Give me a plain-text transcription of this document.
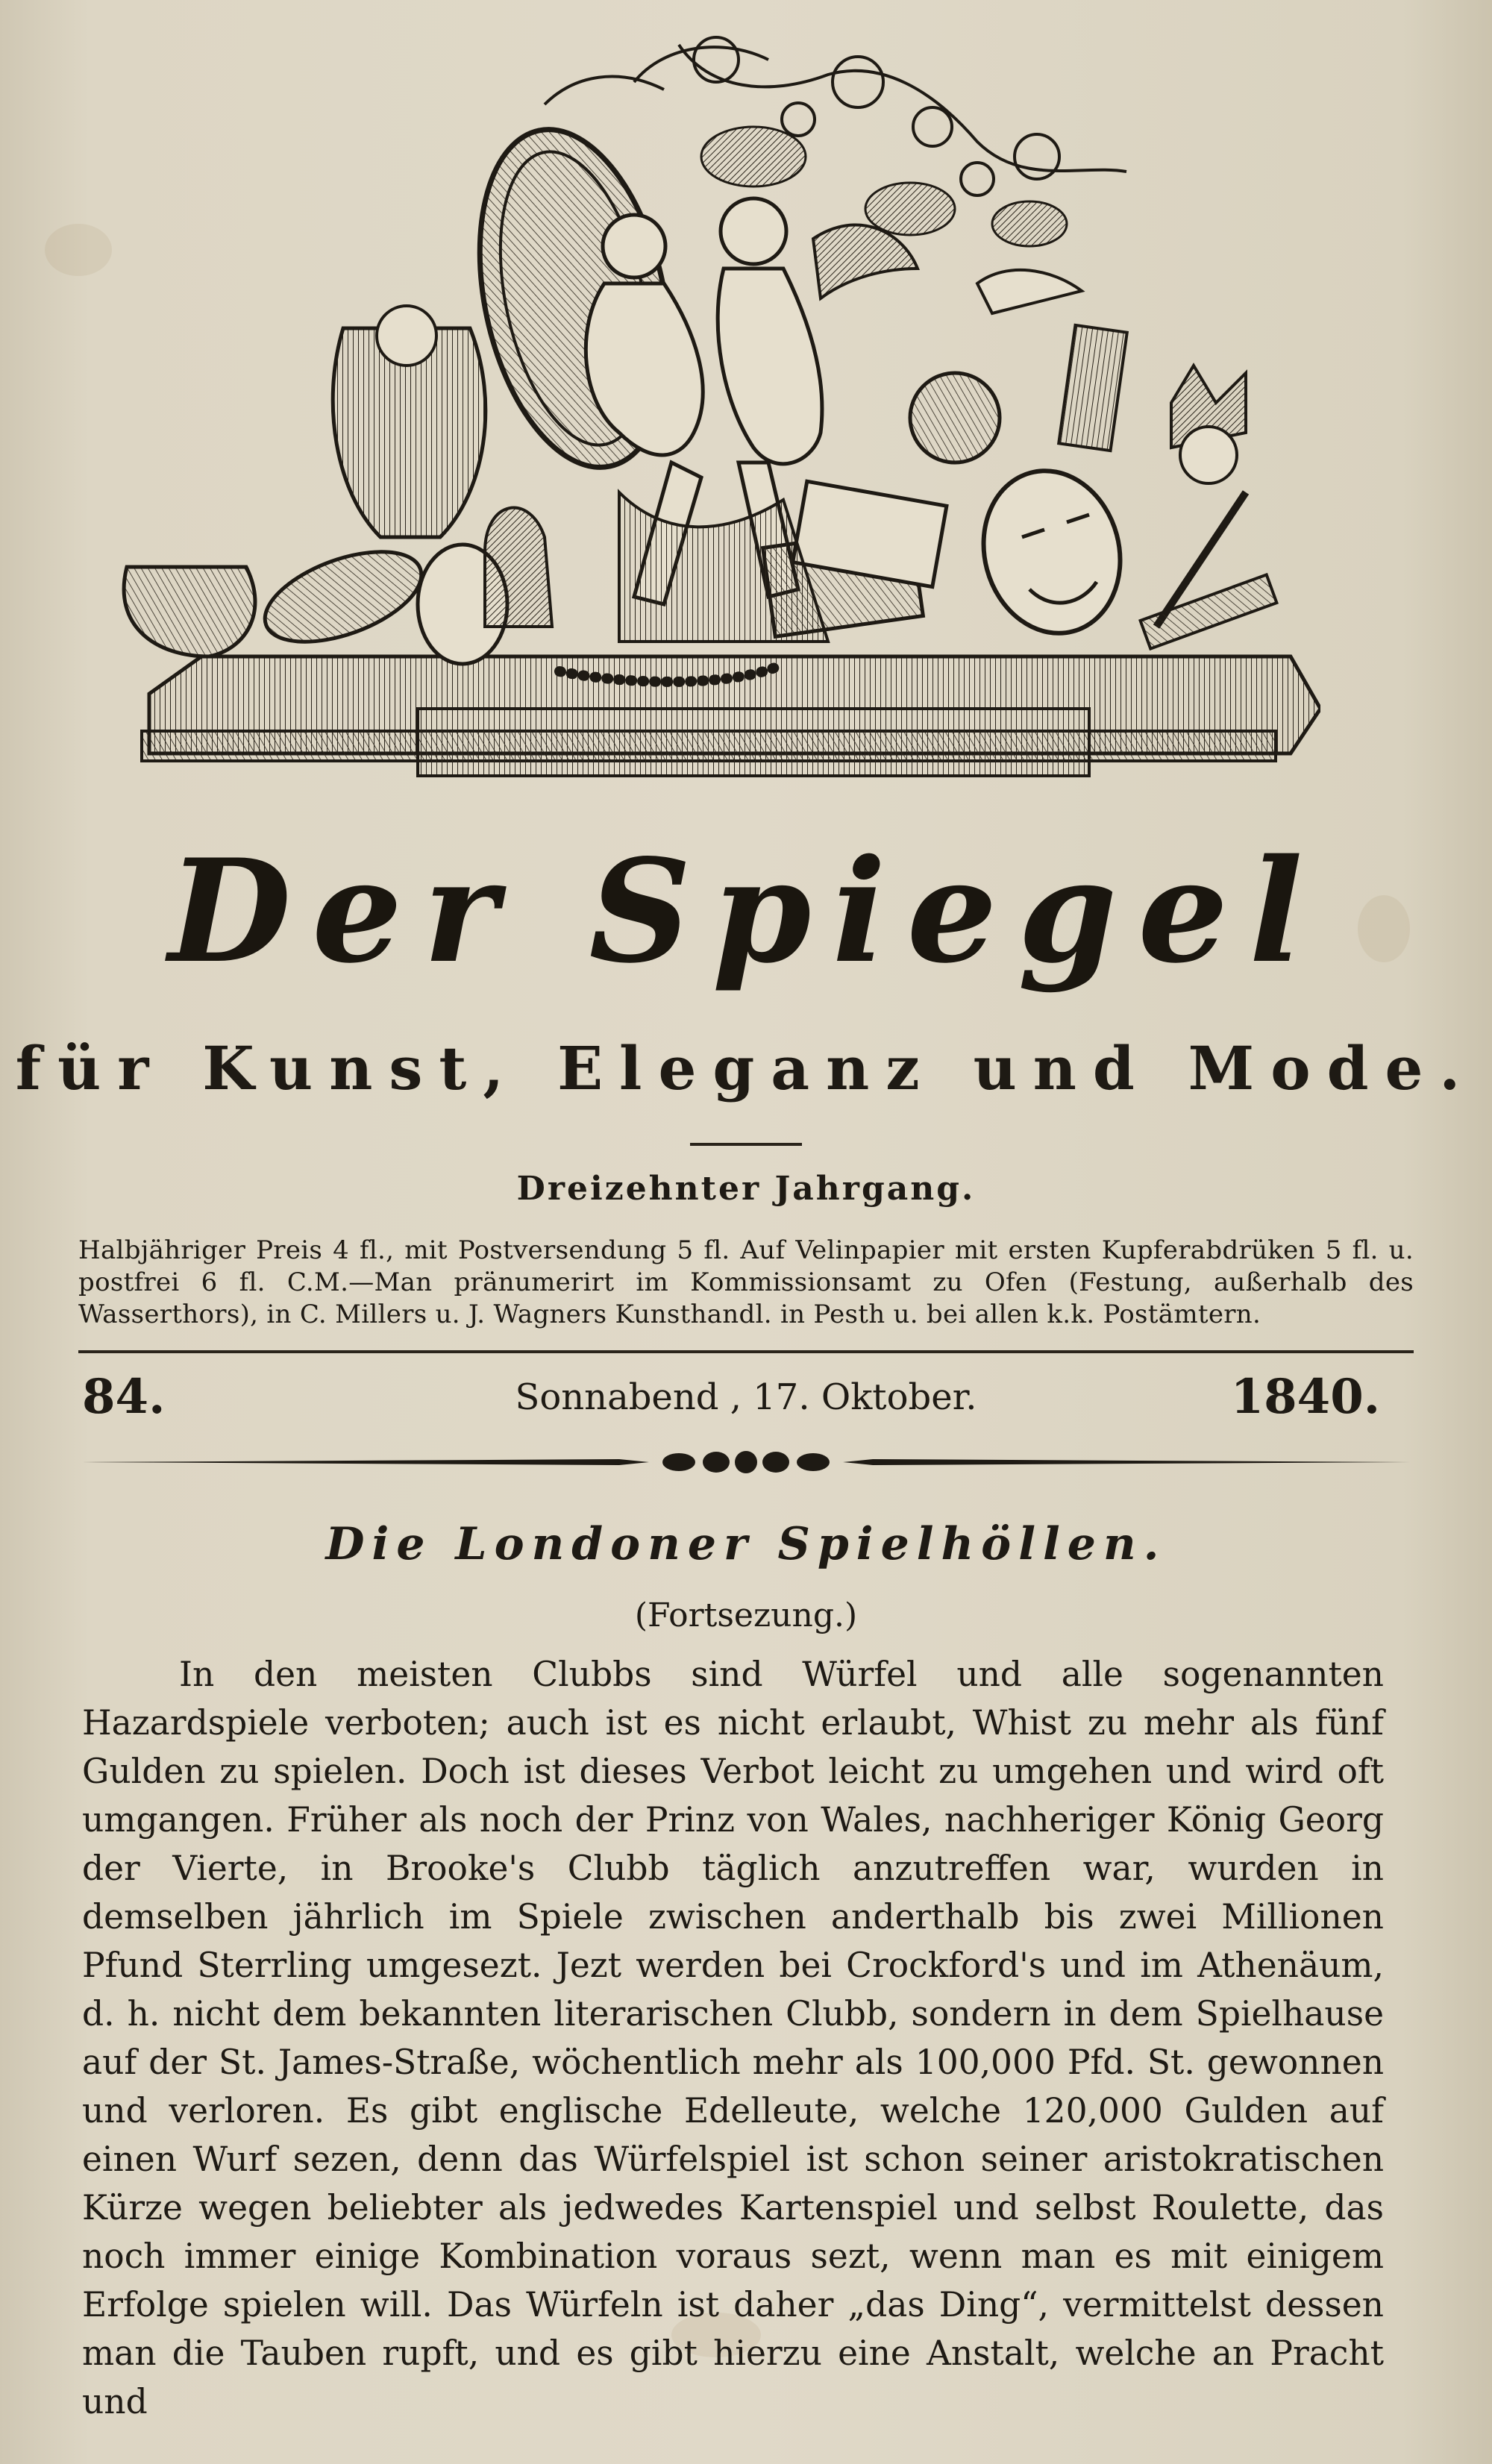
Der Spiegel
für Kunst, Eleganz und Mode.
Dreizehnter Jahrgang.
Halbjähriger Preis 4 fl., mit Postversendung 5 fl. Auf Velinpapier mit ersten Kupferabdrüken 5 fl. u. postfrei 6 fl. C.M.—Man pränumerirt im Kommissionsamt zu Ofen (Festung, außerhalb des Wasserthors), in C. Millers u. J. Wagners Kunsthandl. in Pesth u. bei allen k.k. Postämtern.
84.	Sonnabend , 17. Oktober.	1840.
Die Londoner Spielhöllen.
(Fortsezung.)

In den meisten Clubbs sind Würfel und alle sogenannten Hazardspiele verboten; auch ist es nicht erlaubt, Whist zu mehr als fünf Gulden zu spielen. Doch ist dieses Verbot leicht zu umgehen und wird oft umgangen. Früher als noch der Prinz von Wales, nachheriger König Georg der Vierte, in Brooke's Clubb täglich anzutreffen war, wurden in demselben jährlich im Spiele zwischen anderthalb bis zwei Millionen Pfund Sterrling umgesezt. Jezt werden bei Crockford's und im Athenäum, d. h. nicht dem bekannten literarischen Clubb, sondern in dem Spielhause auf der St. James-Straße, wöchentlich mehr als 100,000 Pfd. St. gewonnen und verloren. Es gibt englische Edelleute, welche 120,000 Gulden auf einen Wurf sezen, denn das Würfelspiel ist schon seiner aristokratischen Kürze wegen beliebter als jedwedes Kartenspiel und selbst Roulette, das noch immer einige Kombination voraus sezt, wenn man es mit einigem Erfolge spielen will. Das Würfeln ist daher „das Ding“, vermittelst dessen man die Tauben rupft, und es gibt hierzu eine Anstalt, welche an Pracht und
